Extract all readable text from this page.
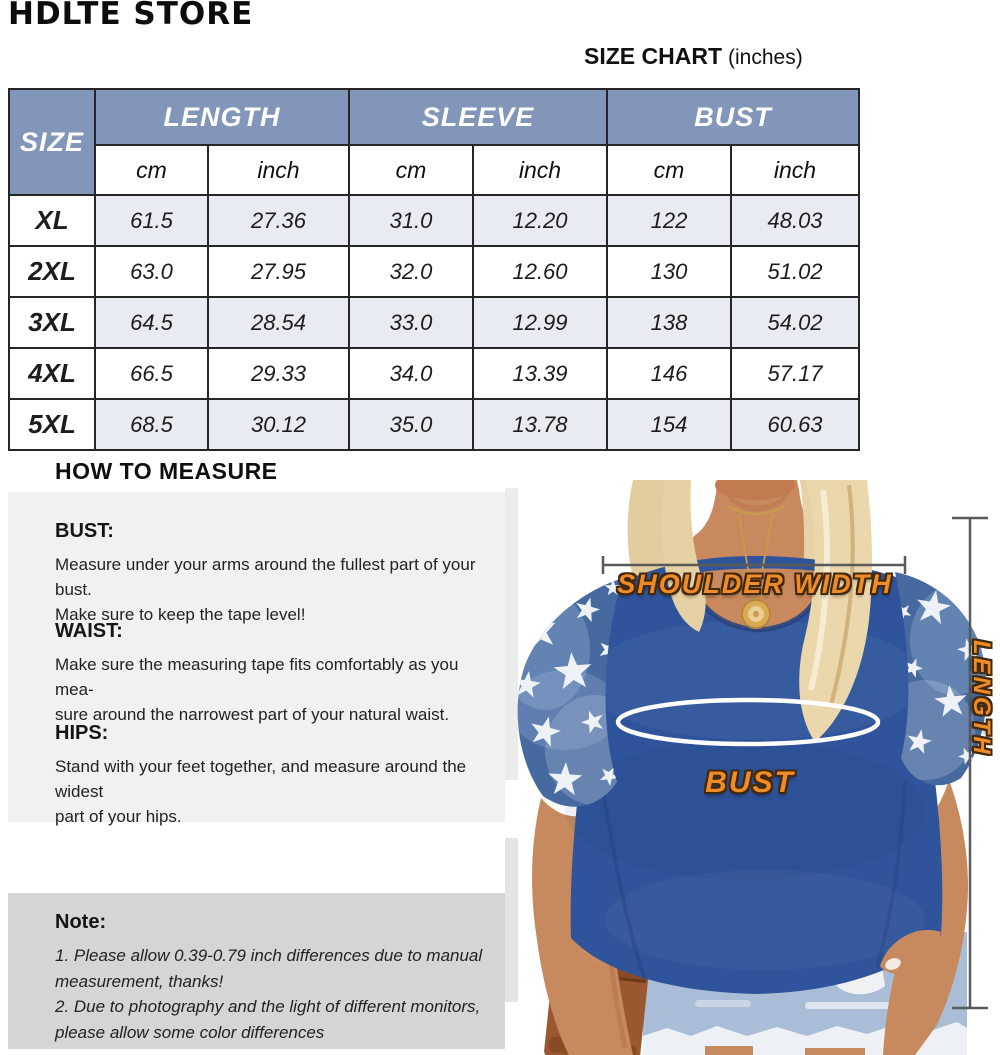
HDLTE STORE
SIZE CHART (inches)
SIZE	LENGTH		SLEEVE		BUST	
	cm	inch	cm	inch	cm	inch
XL	61.5	27.36	31.0	12.20	122	48.03
2XL	63.0	27.95	32.0	12.60	130	51.02
3XL	64.5	28.54	33.0	12.99	138	54.02
4XL	66.5	29.33	34.0	13.39	146	57.17
5XL	68.5	30.12	35.0	13.78	154	60.63
HOW TO MEASURE
BUST:
Measure under your arms around the fullest part of your bust.
Make sure to keep the tape level!
WAIST:
Make sure the measuring tape fits comfortably as you mea-
sure around the narrowest part of your natural waist.
HIPS:
Stand with your feet together, and measure around the widest
part of your hips.
Note:
1. Please allow 0.39-0.79 inch differences due to manual
measurement, thanks!
2. Due to photography and the light of different monitors,
please allow some color differences
SHOULDER WIDTH
BUST
LENGTH
